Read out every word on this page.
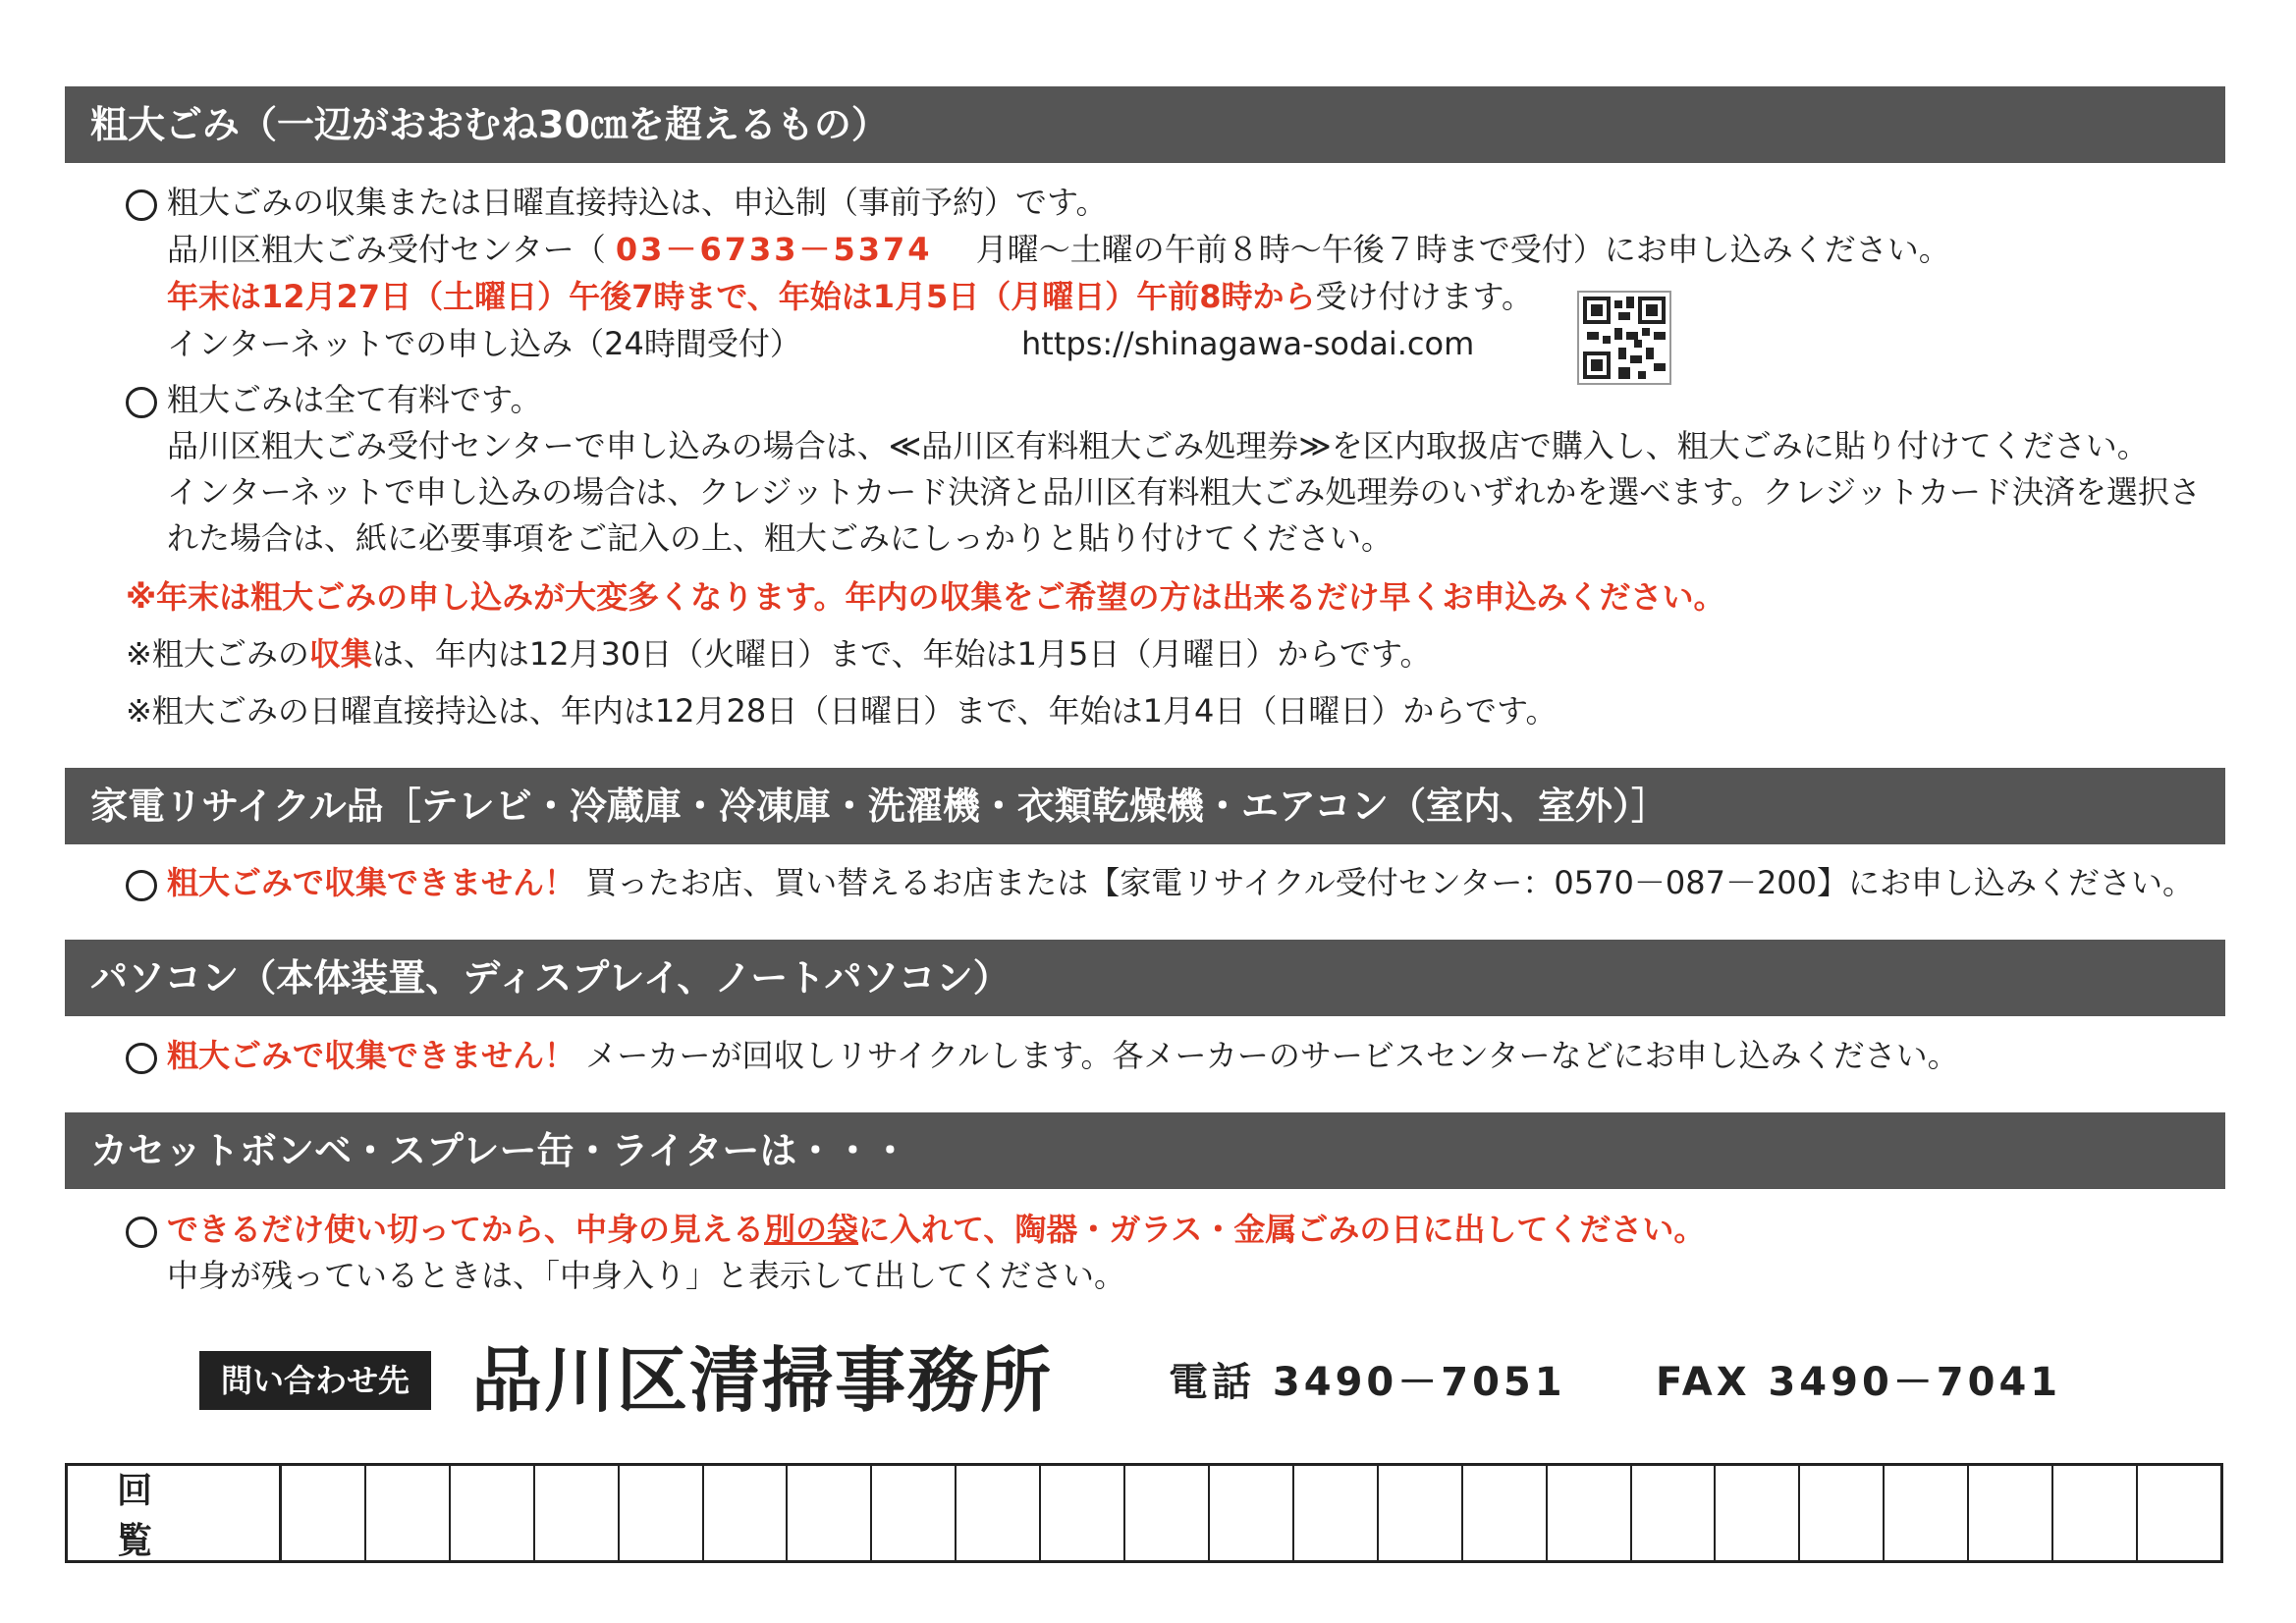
粗大ごみ（一辺がおおむね30㎝を超えるもの）
粗大ごみの収集または日曜直接持込は、申込制（事前予約）です。
品川区粗大ごみ受付センター（ 03－6733－5374 月曜～土曜の午前８時～午後７時まで受付）にお申し込みください。
年末は12月27日（土曜日）午後7時まで、年始は1月5日（月曜日）午前8時から受け付けます。
インターネットでの申し込み（24時間受付）	https://shinagawa-sodai.com
粗大ごみは全て有料です。
品川区粗大ごみ受付センターで申し込みの場合は、≪品川区有料粗大ごみ処理券≫を区内取扱店で購入し、粗大ごみに貼り付けてください。
インターネットで申し込みの場合は、クレジットカード決済と品川区有料粗大ごみ処理券のいずれかを選べます。クレジットカード決済を選択さ
れた場合は、紙に必要事項をご記入の上、粗大ごみにしっかりと貼り付けてください。
※年末は粗大ごみの申し込みが大変多くなります。年内の収集をご希望の方は出来るだけ早くお申込みください。
※粗大ごみの収集は、年内は12月30日（火曜日）まで、年始は1月5日（月曜日）からです。
※粗大ごみの日曜直接持込は、年内は12月28日（日曜日）まで、年始は1月4日（日曜日）からです。
家電リサイクル品［テレビ・冷蔵庫・冷凍庫・洗濯機・衣類乾燥機・エアコン（室内、室外）］
粗大ごみで収集できません！ 買ったお店、買い替えるお店または【家電リサイクル受付センター：0570－087－200】にお申し込みください。
パソコン（本体装置、ディスプレイ、ノートパソコン）
粗大ごみで収集できません！ メーカーが回収しリサイクルします。各メーカーのサービスセンターなどにお申し込みください。
カセットボンベ・スプレー缶・ライターは・・・
できるだけ使い切ってから、中身の見える別の袋に入れて、陶器・ガラス・金属ごみの日に出してください。
中身が残っているときは、「中身入り」と表示して出してください。
問い合わせ先 品川区清掃事務所	電話 3490－7051 FAX 3490－7041
回覧
